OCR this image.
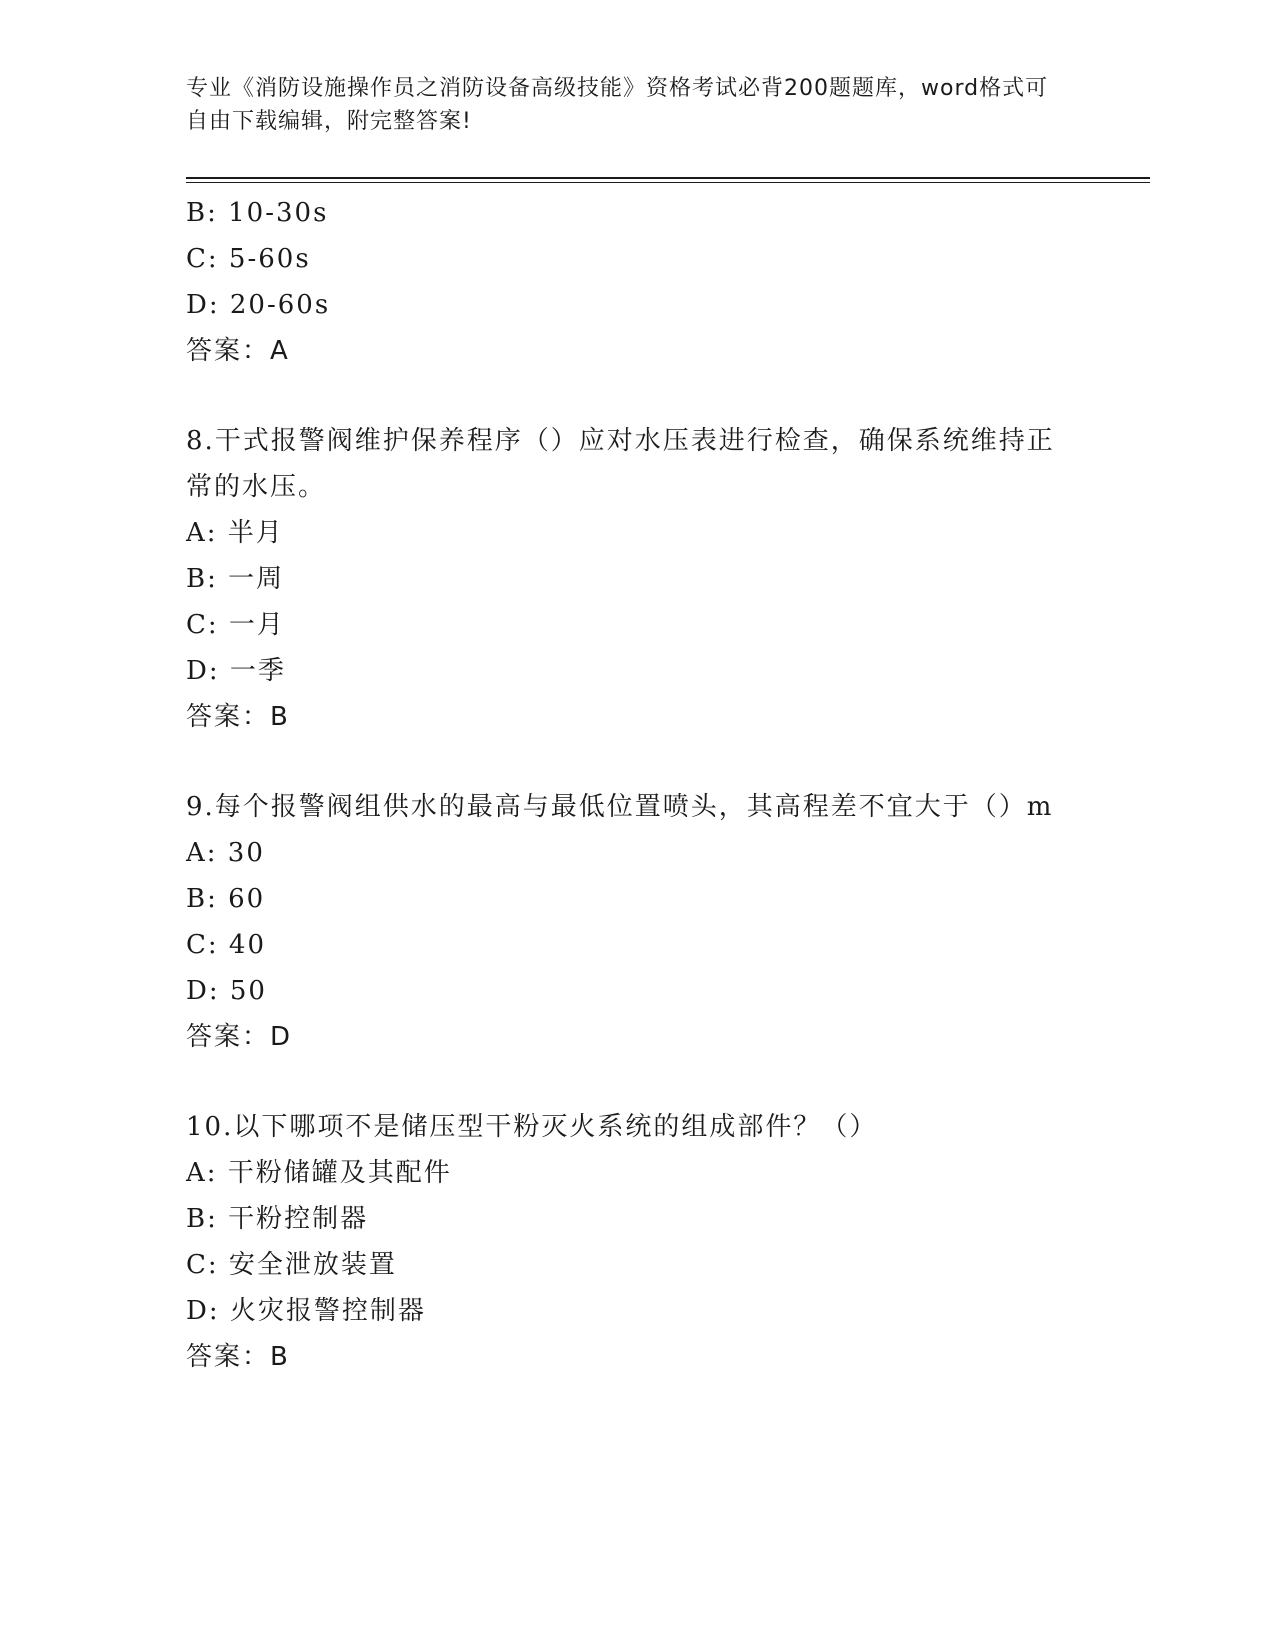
专业《消防设施操作员之消防设备高级技能》资格考试必背200题题库，word格式可自由下载编辑，附完整答案!
B: 10-30s
C: 5-60s
D: 20-60s
答案：A
8.干式报警阀维护保养程序（）应对水压表进行检查，确保系统维持正常的水压。
A: 半月
B: 一周
C: 一月
D: 一季
答案：B
9.每个报警阀组供水的最高与最低位置喷头，其高程差不宜大于（）m
A: 30
B: 60
C: 40
D: 50
答案：D
10.以下哪项不是储压型干粉灭火系统的组成部件？（）
A: 干粉储罐及其配件
B: 干粉控制器
C: 安全泄放装置
D: 火灾报警控制器
答案：B
